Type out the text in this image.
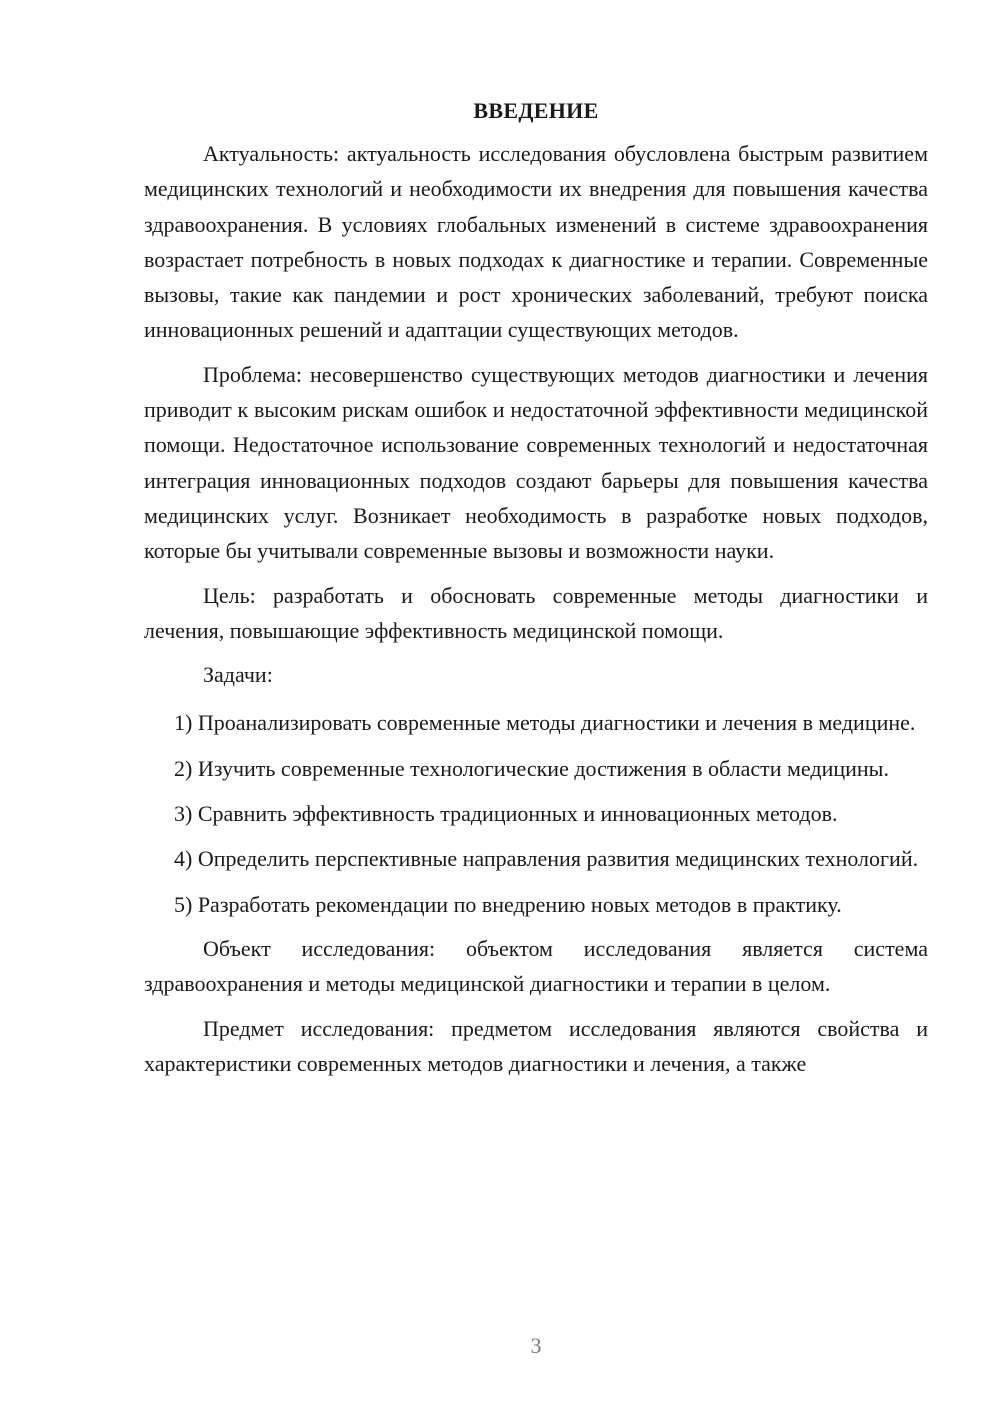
ВВЕДЕНИЕ

Актуальность: актуальность исследования обусловлена быстрым развитием медицинских технологий и необходимости их внедрения для повышения качества здравоохранения. В условиях глобальных изменений в системе здравоохранения возрастает потребность в новых подходах к диагностике и терапии. Современные вызовы, такие как пандемии и рост хронических заболеваний, требуют поиска инновационных решений и адаптации существующих методов.

Проблема: несовершенство существующих методов диагностики и лечения приводит к высоким рискам ошибок и недостаточной эффективности медицинской помощи. Недостаточное использование современных технологий и недостаточная интеграция инновационных подходов создают барьеры для повышения качества медицинских услуг. Возникает необходимость в разработке новых подходов, которые бы учитывали современные вызовы и возможности науки.

Цель: разработать и обосновать современные методы диагностики и лечения, повышающие эффективность медицинской помощи.

Задачи:

1) Проанализировать современные методы диагностики и лечения в медицине.

2) Изучить современные технологические достижения в области медицины.

3) Сравнить эффективность традиционных и инновационных методов.

4) Определить перспективные направления развития медицинских технологий.

5) Разработать рекомендации по внедрению новых методов в практику.

Объект исследования: объектом исследования является система здравоохранения и методы медицинской диагностики и терапии в целом.

Предмет исследования: предметом исследования являются свойства и характеристики современных методов диагностики и лечения, а также

3
